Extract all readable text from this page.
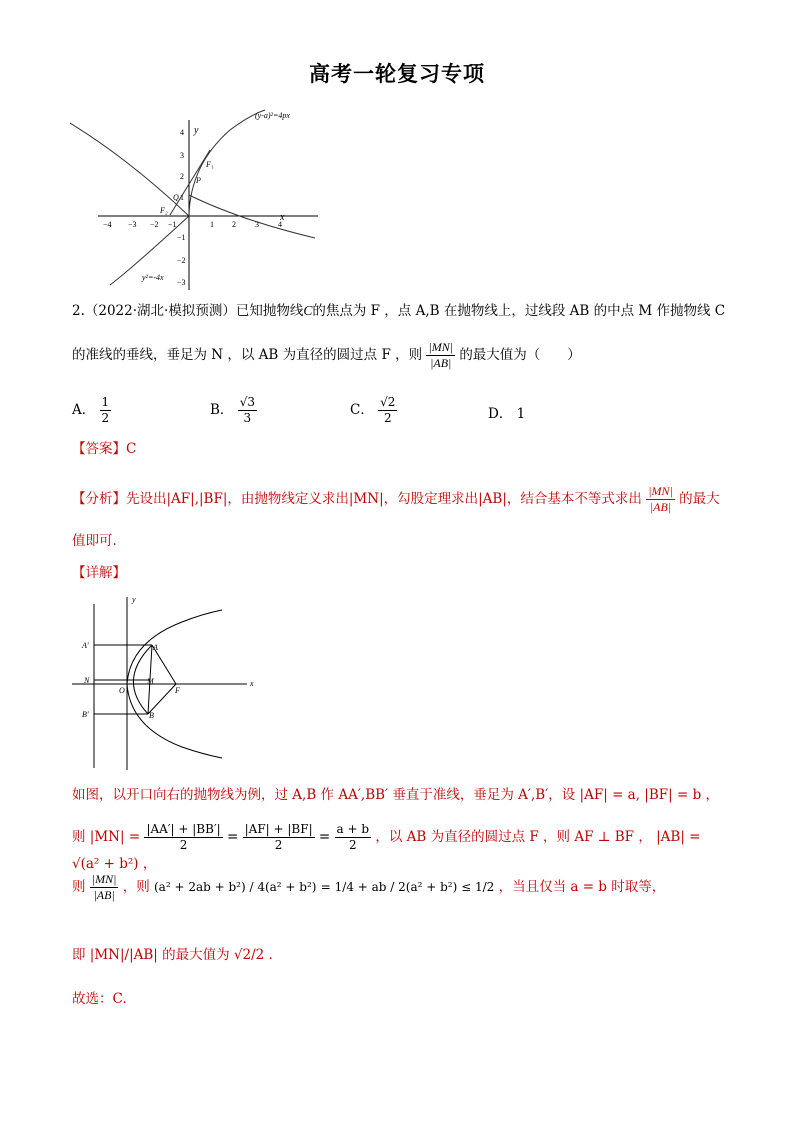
高考一轮复习专项
−3
−4	−2 −1	1 2 3 4
4
3
2
1
−1
−2
−3
y
x
(y-a)²=4px
y²=-4x
F₁
F₂
P
Q
2.（2022·湖北·模拟预测）已知抛物线C的焦点为 F ，点 A,B 在抛物线上，过线段 AB 的中点 M 作抛物线 C
的准线的垂线，垂足为 N ，以 AB 为直径的圆过点 F ，则 $\frac{|MN|}{|AB|}$ 的最大值为（　　）
A． $\frac{1}{2}$	B． $\frac{√3}{3}$	C． $\frac{√2}{2}$	D． 1
【答案】C
【分析】先设出|AF|,|BF|，由抛物线定义求出|MN|，勾股定理求出|AB|，结合基本不等式求出 $\frac{|MN|}{|AB|}$ 的最大
值即可.
【详解】
A′
N
B′
A
M
B
O	F
x
y
如图，以开口向右的抛物线为例，过 A,B 作 AA′,BB′ 垂直于准线，垂足为 A′,B′，设 |AF| = a, |BF| = b ，
则 $|MN| = \frac{|AA'| + |BB'|}{2} = \frac{|AF| + |BF|}{2} = \frac{a + b}{2}$ ，以 AB 为直径的圆过点 F ，则 AF ⊥ BF ， |AB| = √(a² + b²) ，
则 $\frac{|MN|}{|AB|}$ ，则 (a² + 2ab + b²) / 4(a² + b²) = 1/4 + ab / 2(a² + b²) ≤ 1/2 ，当且仅当 a = b 时取等，
即 |MN|/|AB| 的最大值为 √2/2 .
故选：C.
